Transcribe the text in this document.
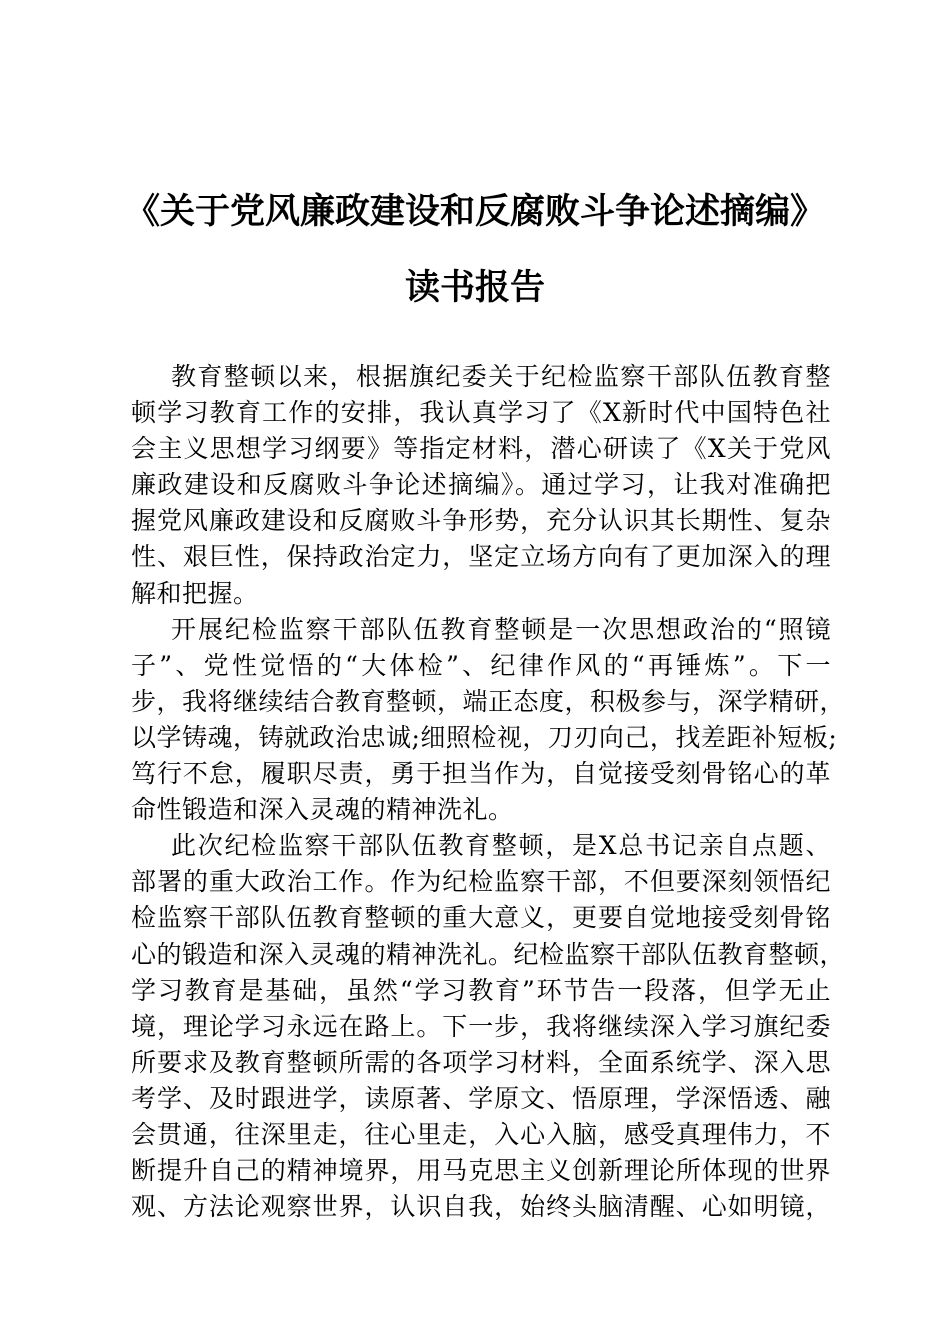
《关于党风廉政建设和反腐败斗争论述摘编》
读书报告
教育整顿以来，根据旗纪委关于纪检监察干部队伍教育整
顿学习教育工作的安排，我认真学习了《X新时代中国特色社
会主义思想学习纲要》等指定材料，潜心研读了《X关于党风
廉政建设和反腐败斗争论述摘编》。通过学习，让我对准确把
握党风廉政建设和反腐败斗争形势，充分认识其长期性、复杂
性、艰巨性，保持政治定力，坚定立场方向有了更加深入的理
解和把握。
开展纪检监察干部队伍教育整顿是一次思想政治的“照镜
子”、党性觉悟的“大体检”、纪律作风的“再锤炼”。下一
步，我将继续结合教育整顿，端正态度，积极参与，深学精研，
以学铸魂，铸就政治忠诚;细照检视，刀刃向己，找差距补短板;
笃行不怠，履职尽责，勇于担当作为，自觉接受刻骨铭心的革
命性锻造和深入灵魂的精神洗礼。
此次纪检监察干部队伍教育整顿，是X总书记亲自点题、
部署的重大政治工作。作为纪检监察干部，不但要深刻领悟纪
检监察干部队伍教育整顿的重大意义，更要自觉地接受刻骨铭
心的锻造和深入灵魂的精神洗礼。纪检监察干部队伍教育整顿，
学习教育是基础，虽然“学习教育”环节告一段落，但学无止
境，理论学习永远在路上。下一步，我将继续深入学习旗纪委
所要求及教育整顿所需的各项学习材料，全面系统学、深入思
考学、及时跟进学，读原著、学原文、悟原理，学深悟透、融
会贯通，往深里走，往心里走，入心入脑，感受真理伟力，不
断提升自己的精神境界，用马克思主义创新理论所体现的世界
观、方法论观察世界，认识自我，始终头脑清醒、心如明镜，
